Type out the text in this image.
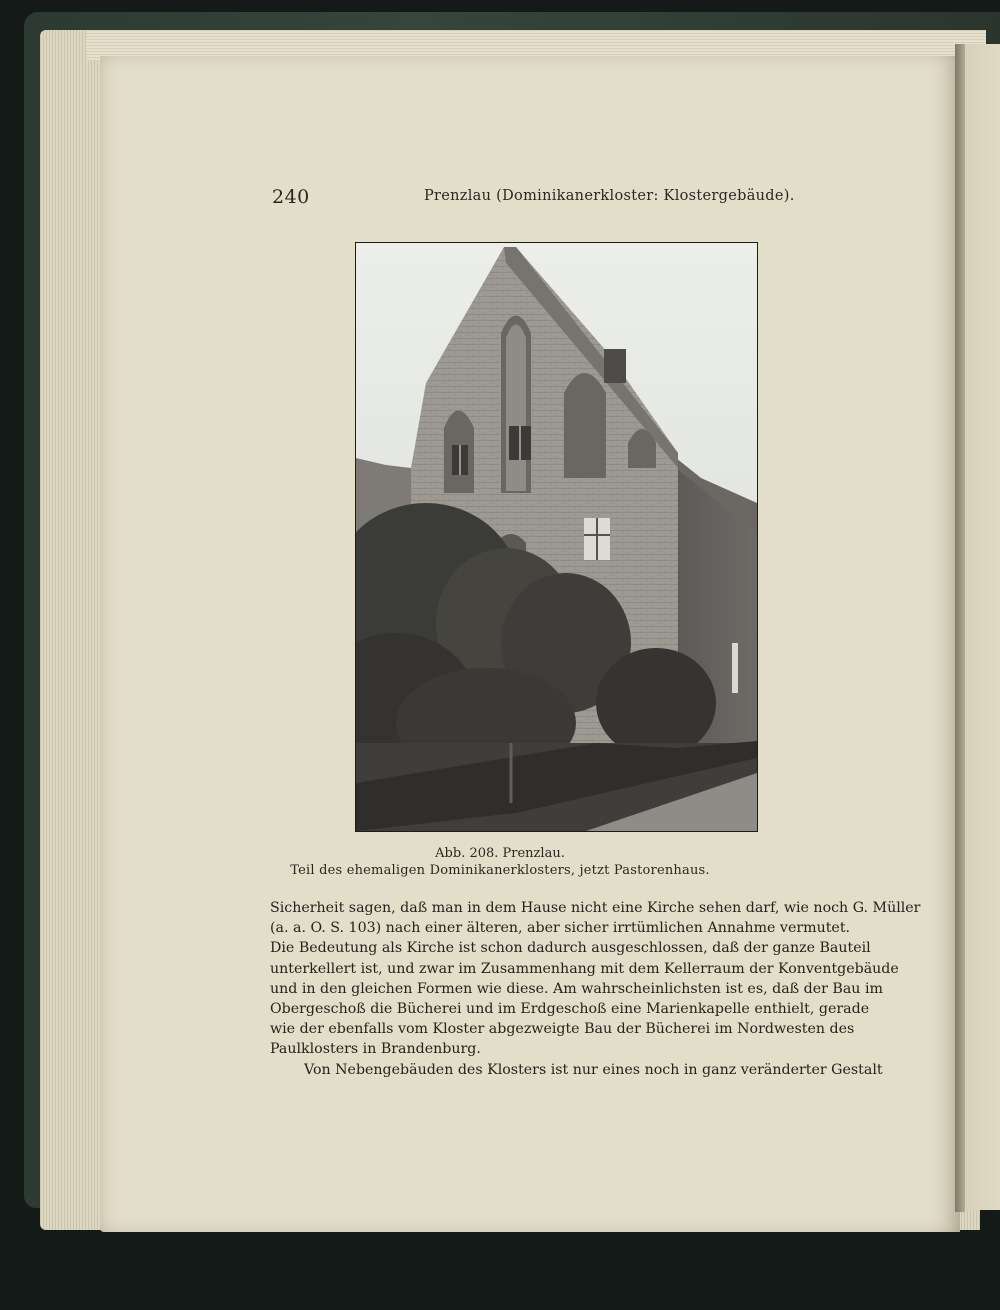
240	Prenzlau (Dominikanerkloster: Klostergebäude).
Abb. 208. Prenzlau.
Teil des ehemaligen Dominikanerklosters, jetzt Pastorenhaus.
Sicherheit sagen, daß man in dem Hause nicht eine Kirche sehen darf, wie noch G. Müller
(a. a. O. S. 103) nach einer älteren, aber sicher irrtümlichen Annahme vermutet.
Die Bedeutung als Kirche ist schon dadurch ausgeschlossen, daß der ganze Bauteil
unterkellert ist, und zwar im Zusammenhang mit dem Kellerraum der Konventgebäude
und in den gleichen Formen wie diese. Am wahrscheinlichsten ist es, daß der Bau im
Obergeschoß die Bücherei und im Erdgeschoß eine Marienkapelle enthielt, gerade
wie der ebenfalls vom Kloster abgezweigte Bau der Bücherei im Nordwesten des
Paulklosters in Brandenburg.
Von Nebengebäuden des Klosters ist nur eines noch in ganz veränderter Gestalt
